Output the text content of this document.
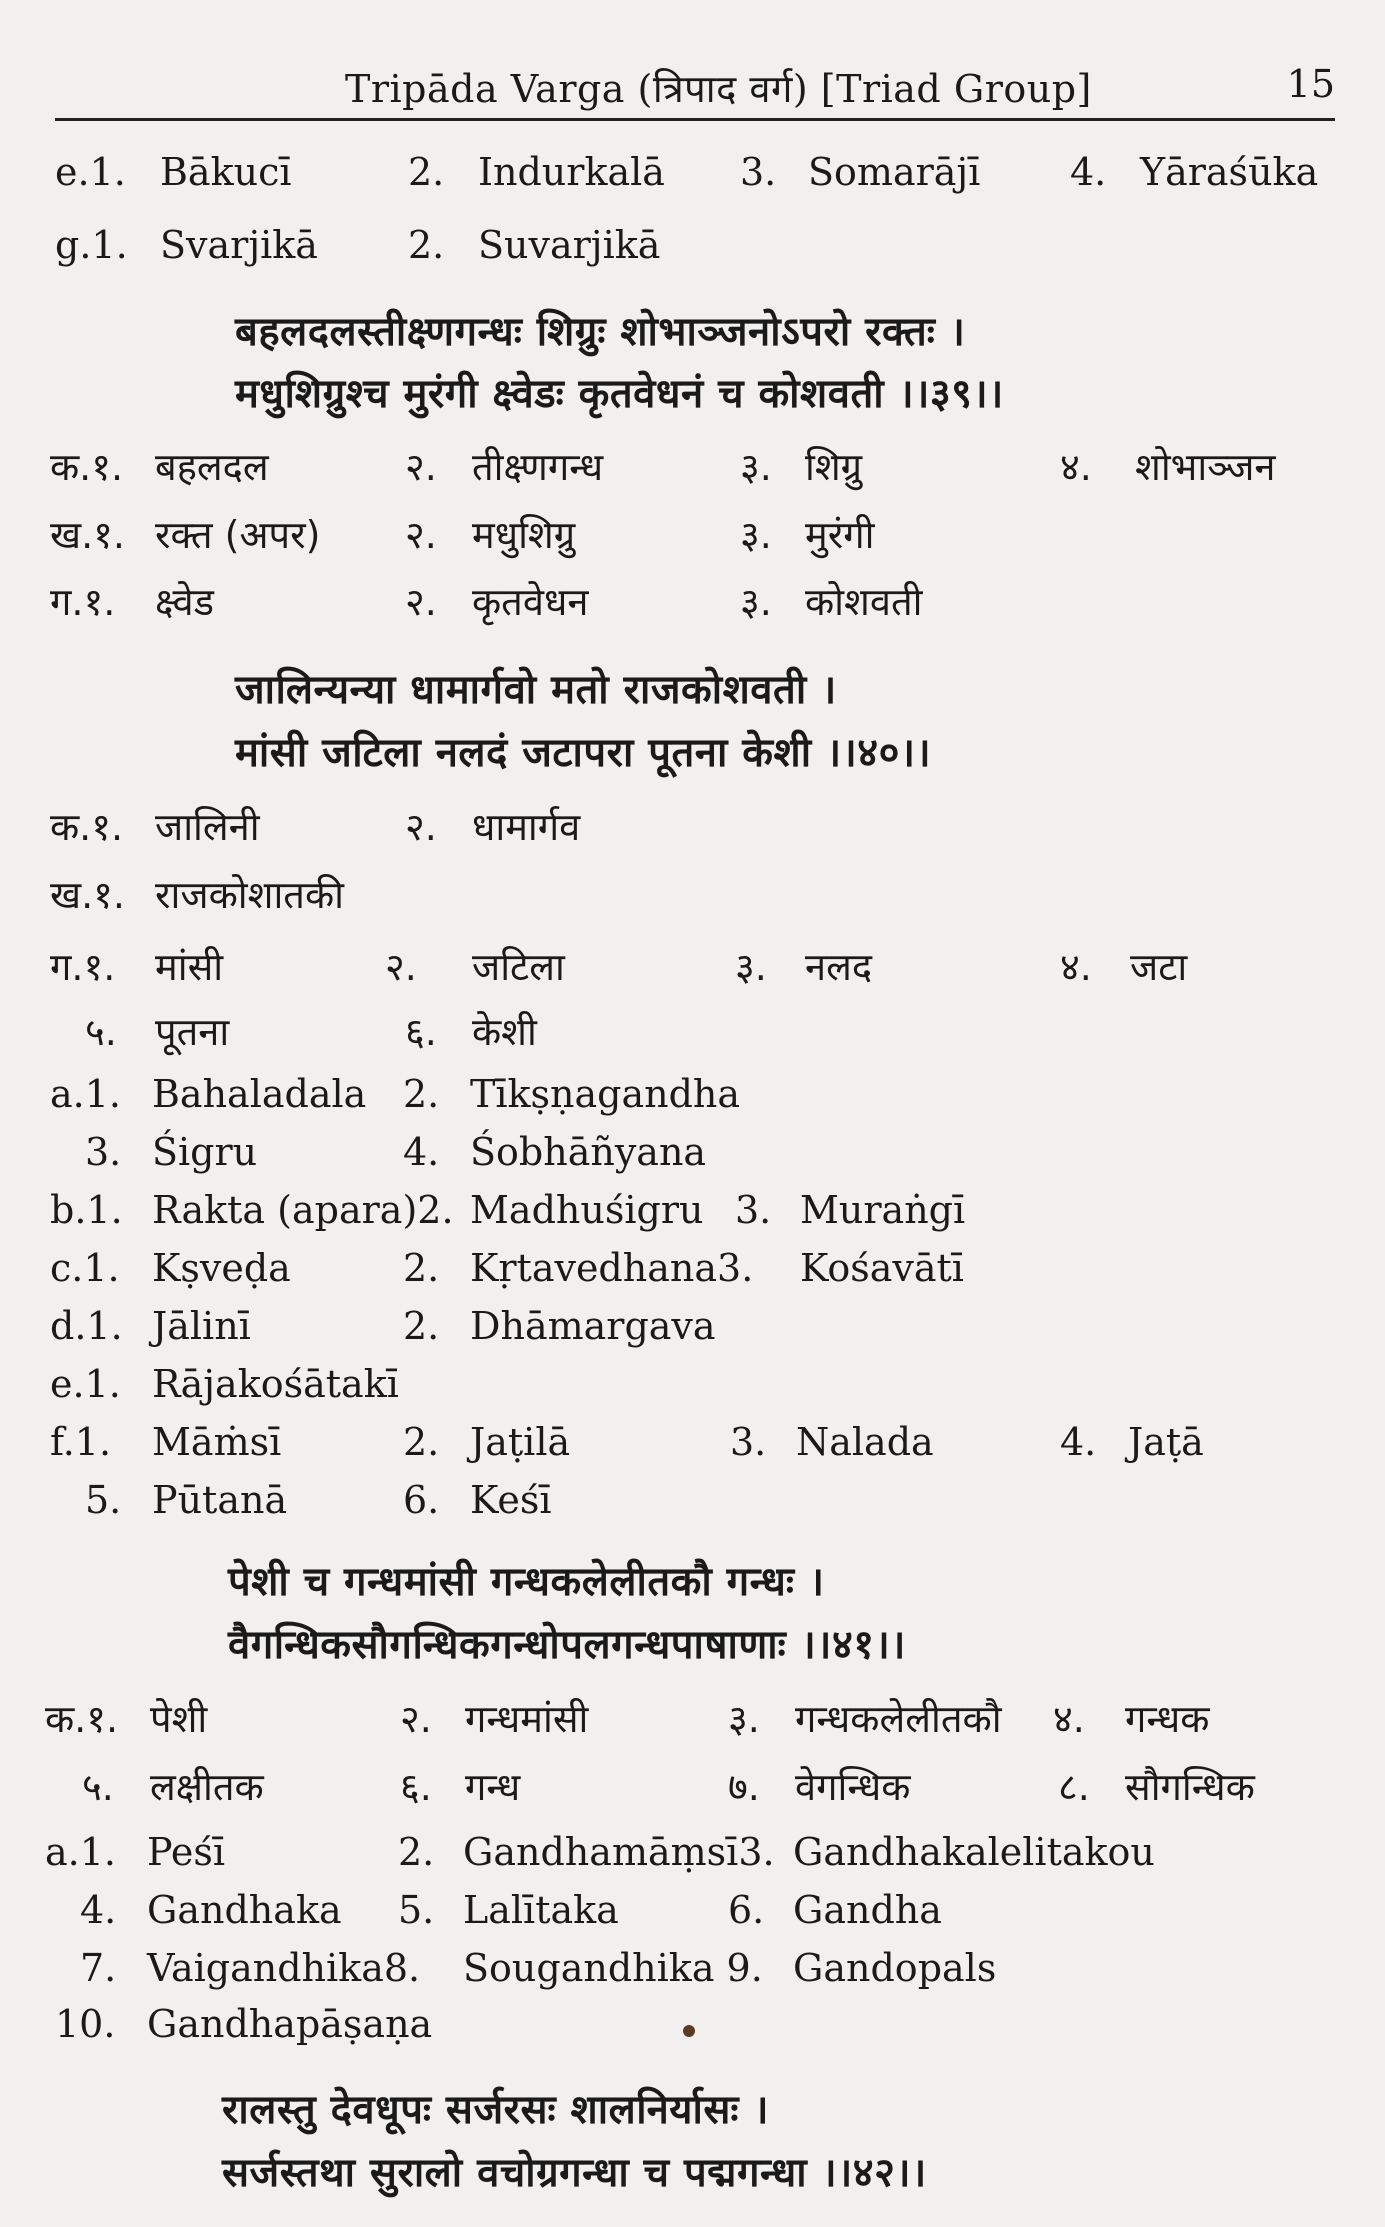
Tripāda Varga (त्रिपाद वर्ग) [Triad Group]	15
e.1. Bākucī	2. Indurkalā 3. Somarājī 4. Yāraśūka
g.1. Svarjikā 2. Suvarjikā
बहलदलस्तीक्ष्णगन्धः शिग्रुः शोभाञ्जनोऽपरो रक्तः ।
मधुशिग्रुश्च मुरंगी क्ष्वेडः कृतवेधनं च कोशवती ।।३९।।
क.१. बहलदल	२. तीक्ष्णगन्ध	३. शिग्रु	४. शोभाञ्जन
ख.१. रक्त (अपर) २. मधुशिग्रु	३. मुरंगी
ग.१. क्ष्वेड	२. कृतवेधन	३. कोशवती
जालिन्यन्या धामार्गवो मतो राजकोशवती ।
मांसी जटिला नलदं जटापरा पूतना केशी ।।४०।।
क.१. जालिनी	२. धामार्गव
ख.१. राजकोशातकी
ग.१. मांसी	२. जटिला	३. नलद	४. जटा
५. पूतना	६. केशी
a.1. Bahaladala 2. Tīkṣṇagandha
3. Śigru	4. Śobhāñyana
b.1. Rakta (apara)2. Madhuśigru 3. Muraṅgī
c.1. Kṣveḍa	2. Kṛtavedhana3. Kośavātī
d.1. Jālinī	2. Dhāmargava
e.1. Rājakośātakī
f.1. Māṁsī	2. Jaṭilā	3. Nalada	4. Jaṭā
5. Pūtanā	6. Keśī
पेशी च गन्धमांसी गन्धकलेलीतकौ गन्धः ।
वैगन्धिकसौगन्धिकगन्धोपलगन्धपाषाणाः ।।४१।।
क.१. पेशी	२. गन्धमांसी	३. गन्धकलेलीतकौ ४. गन्धक
५. लक्षीतक	६. गन्ध	७. वेगन्धिक	८. सौगन्धिक
a.1. Peśī	2. Gandhamāṃsī3. Gandhakalelitakou
4. Gandhaka 5. Lalītaka	6. Gandha
7. Vaigandhika8. Sougandhika 9. Gandopals
10. Gandhapāṣaṇa
रालस्तु देवधूपः सर्जरसः शालनिर्यासः ।
सर्जस्तथा सुरालो वचोग्रगन्धा च पद्मगन्धा ।।४२।।
